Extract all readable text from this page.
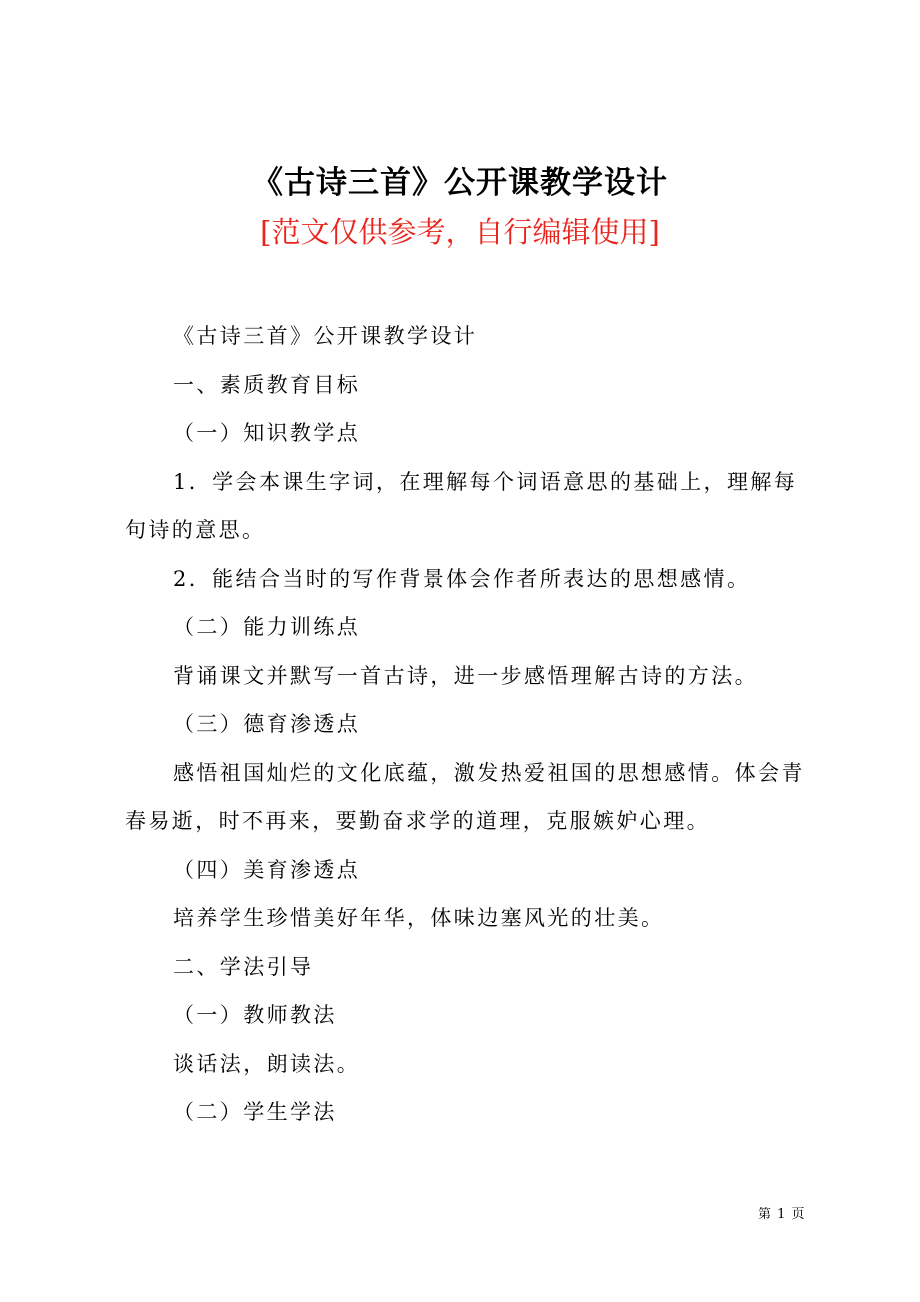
《古诗三首》公开课教学设计
[范文仅供参考，自行编辑使用]

《古诗三首》公开课教学设计

一、素质教育目标

（一）知识教学点

1．学会本课生字词，在理解每个词语意思的基础上，理解每句诗的意思。

2．能结合当时的写作背景体会作者所表达的思想感情。

（二）能力训练点

背诵课文并默写一首古诗，进一步感悟理解古诗的方法。

（三）德育渗透点

感悟祖国灿烂的文化底蕴，激发热爱祖国的思想感情。体会青春易逝，时不再来，要勤奋求学的道理，克服嫉妒心理。

（四）美育渗透点

培养学生珍惜美好年华，体味边塞风光的壮美。

二、学法引导

（一）教师教法

谈话法，朗读法。

（二）学生学法

第 1 页
